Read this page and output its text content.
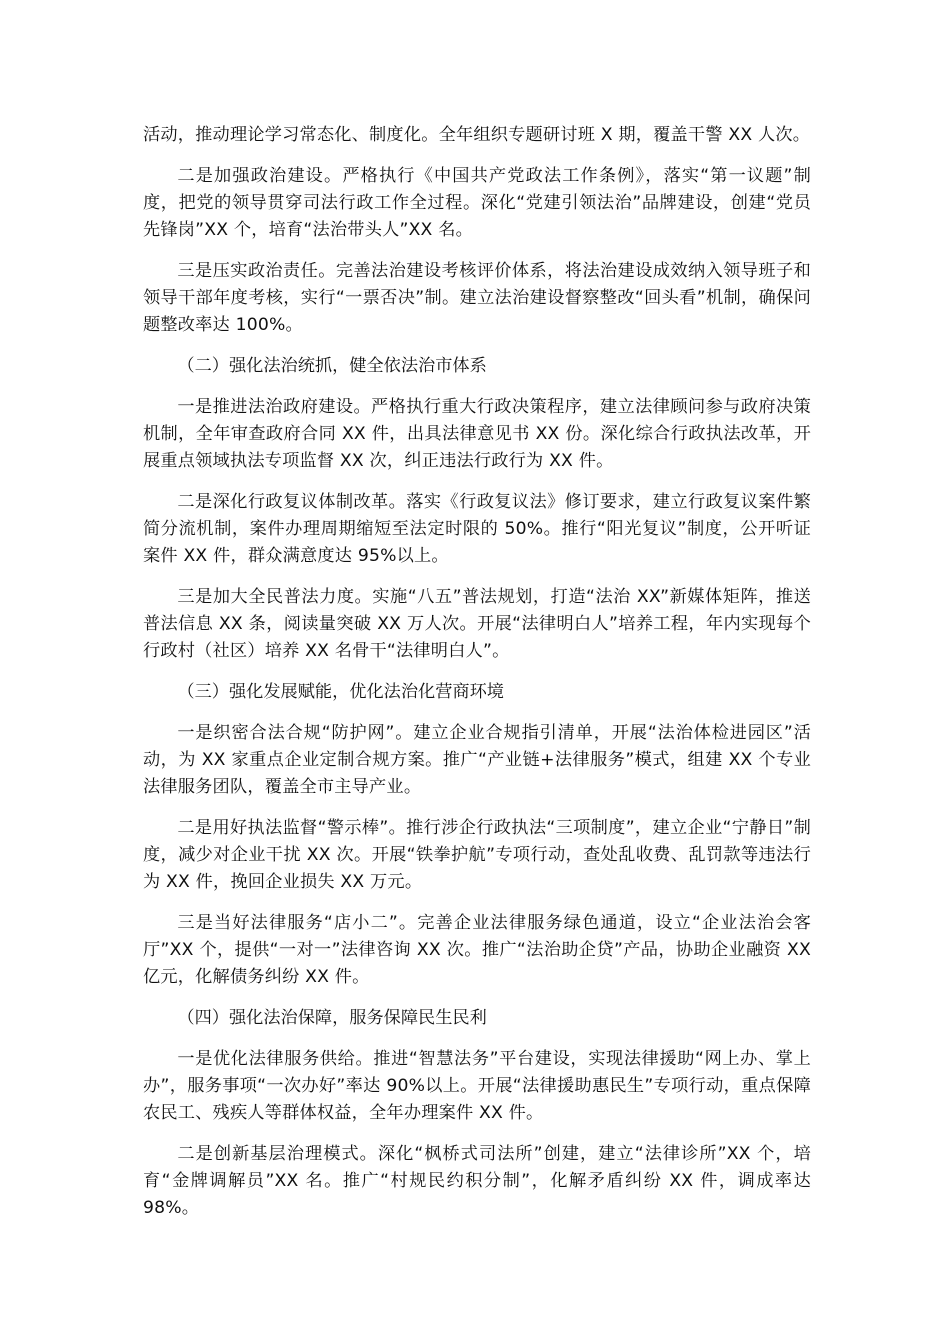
活动，推动理论学习常态化、制度化。全年组织专题研讨班 X 期，覆盖干警 XX 人次。

二是加强政治建设。严格执行《中国共产党政法工作条例》，落实“第一议题”制度，把党的领导贯穿司法行政工作全过程。深化“党建引领法治”品牌建设，创建“党员先锋岗”XX 个，培育“法治带头人”XX 名。

三是压实政治责任。完善法治建设考核评价体系，将法治建设成效纳入领导班子和领导干部年度考核，实行“一票否决”制。建立法治建设督察整改“回头看”机制，确保问题整改率达 100%。

（二）强化法治统抓，健全依法治市体系

一是推进法治政府建设。严格执行重大行政决策程序，建立法律顾问参与政府决策机制，全年审查政府合同 XX 件，出具法律意见书 XX 份。深化综合行政执法改革，开展重点领域执法专项监督 XX 次，纠正违法行政行为 XX 件。

二是深化行政复议体制改革。落实《行政复议法》修订要求，建立行政复议案件繁简分流机制，案件办理周期缩短至法定时限的 50%。推行“阳光复议”制度，公开听证案件 XX 件，群众满意度达 95%以上。

三是加大全民普法力度。实施“八五”普法规划，打造“法治 XX”新媒体矩阵，推送普法信息 XX 条，阅读量突破 XX 万人次。开展“法律明白人”培养工程，年内实现每个行政村（社区）培养 XX 名骨干“法律明白人”。

（三）强化发展赋能，优化法治化营商环境

一是织密合法合规“防护网”。建立企业合规指引清单，开展“法治体检进园区”活动，为 XX 家重点企业定制合规方案。推广“产业链+法律服务”模式，组建 XX 个专业法律服务团队，覆盖全市主导产业。

二是用好执法监督“警示棒”。推行涉企行政执法“三项制度”，建立企业“宁静日”制度，减少对企业干扰 XX 次。开展“铁拳护航”专项行动，查处乱收费、乱罚款等违法行为 XX 件，挽回企业损失 XX 万元。

三是当好法律服务“店小二”。完善企业法律服务绿色通道，设立“企业法治会客厅”XX 个，提供“一对一”法律咨询 XX 次。推广“法治助企贷”产品，协助企业融资 XX 亿元，化解债务纠纷 XX 件。

（四）强化法治保障，服务保障民生民利

一是优化法律服务供给。推进“智慧法务”平台建设，实现法律援助“网上办、掌上办”，服务事项“一次办好”率达 90%以上。开展“法律援助惠民生”专项行动，重点保障农民工、残疾人等群体权益，全年办理案件 XX 件。

二是创新基层治理模式。深化“枫桥式司法所”创建，建立“法律诊所”XX 个，培育“金牌调解员”XX 名。推广“村规民约积分制”，化解矛盾纠纷 XX 件，调成率达 98%。
